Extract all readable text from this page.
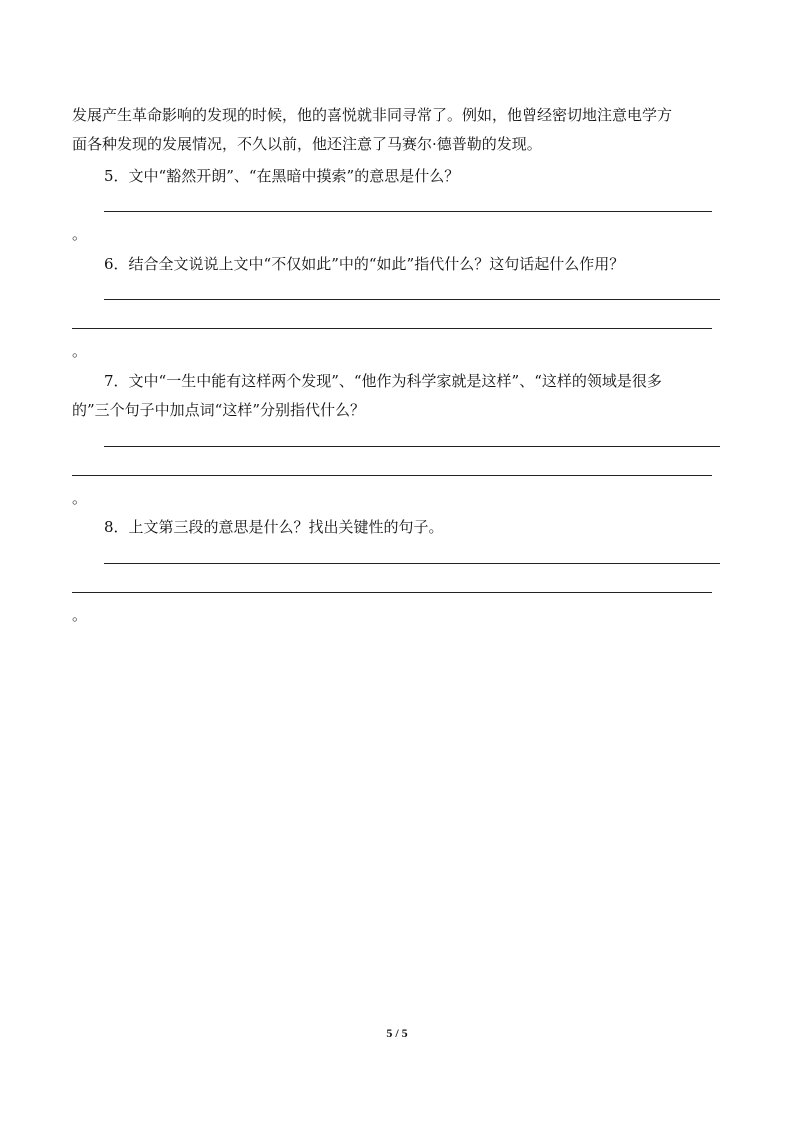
发展产生革命影响的发现的时候，他的喜悦就非同寻常了。例如，他曾经密切地注意电学方
面各种发现的发展情况，不久以前，他还注意了马赛尔·德普勒的发现。
5．文中“豁然开朗”、“在黑暗中摸索”的意思是什么？
。
6．结合全文说说上文中“不仅如此”中的“如此”指代什么？这句话起什么作用？
。
7．文中“一生中能有这样两个发现”、“他作为科学家就是这样”、“这样的领域是很多
的”三个句子中加点词“这样”分别指代什么？
。
8．上文第三段的意思是什么？找出关键性的句子。
。
5 / 5
